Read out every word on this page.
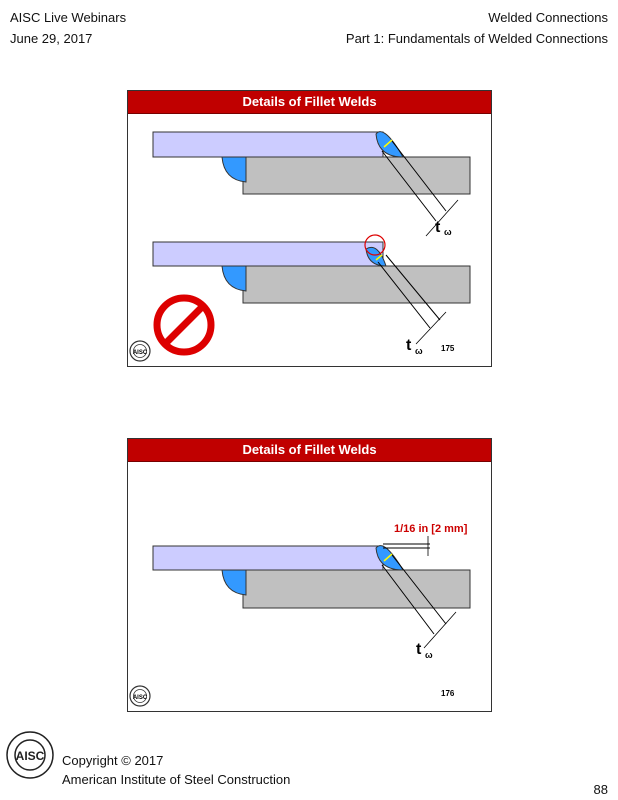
AISC Live Webinars
June 29, 2017
Welded Connections
Part 1: Fundamentals of Welded Connections
Details of Fillet Welds
t ω
t ω
AISC	175
Details of Fillet Welds
1/16 in [2 mm]
t ω
AISC	176
AISC Copyright © 2017
American Institute of Steel Construction
88
